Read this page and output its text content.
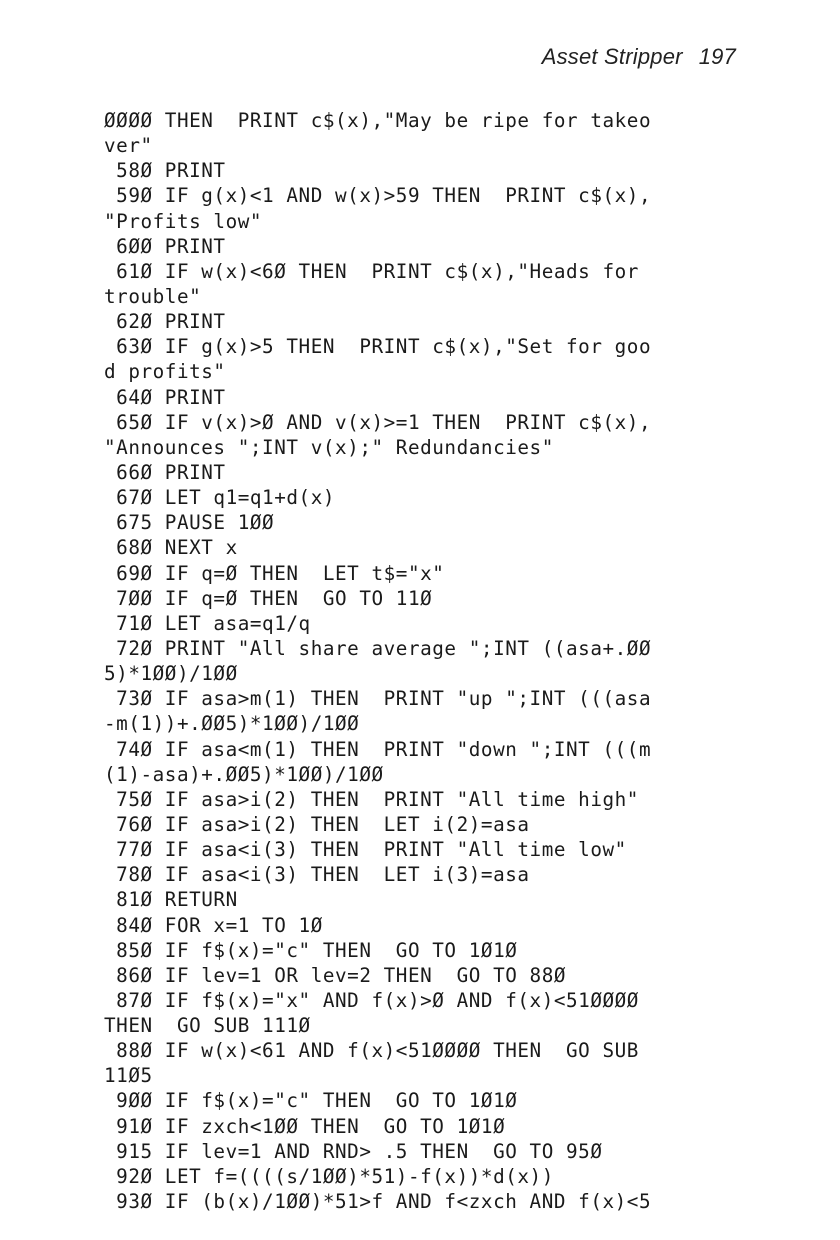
Asset Stripper 197
ØØØØ THEN  PRINT c$(x),"May be ripe for takeo
ver"
58Ø PRINT
59Ø IF g(x)<1 AND w(x)>59 THEN  PRINT c$(x),
"Profits low"
6ØØ PRINT
61Ø IF w(x)<6Ø THEN  PRINT c$(x),"Heads for
trouble"
62Ø PRINT
63Ø IF g(x)>5 THEN  PRINT c$(x),"Set for goo
d profits"
64Ø PRINT
65Ø IF v(x)>Ø AND v(x)>=1 THEN  PRINT c$(x),
"Announces ";INT v(x);" Redundancies"
66Ø PRINT
67Ø LET q1=q1+d(x)
675 PAUSE 1ØØ
68Ø NEXT x
69Ø IF q=Ø THEN  LET t$="x"
7ØØ IF q=Ø THEN  GO TO 11Ø
71Ø LET asa=q1/q
72Ø PRINT "All share average ";INT ((asa+.ØØ
5)*1ØØ)/1ØØ
73Ø IF asa>m(1) THEN  PRINT "up ";INT (((asa
-m(1))+.ØØ5)*1ØØ)/1ØØ
74Ø IF asa<m(1) THEN  PRINT "down ";INT (((m
(1)-asa)+.ØØ5)*1ØØ)/1ØØ
75Ø IF asa>i(2) THEN  PRINT "All time high"
76Ø IF asa>i(2) THEN  LET i(2)=asa
77Ø IF asa<i(3) THEN  PRINT "All time low"
78Ø IF asa<i(3) THEN  LET i(3)=asa
81Ø RETURN
84Ø FOR x=1 TO 1Ø
85Ø IF f$(x)="c" THEN  GO TO 1Ø1Ø
86Ø IF lev=1 OR lev=2 THEN  GO TO 88Ø
87Ø IF f$(x)="x" AND f(x)>Ø AND f(x)<51ØØØØ
THEN  GO SUB 111Ø
88Ø IF w(x)<61 AND f(x)<51ØØØØ THEN  GO SUB
11Ø5
9ØØ IF f$(x)="c" THEN  GO TO 1Ø1Ø
91Ø IF zxch<1ØØ THEN  GO TO 1Ø1Ø
915 IF lev=1 AND RND> .5 THEN  GO TO 95Ø
92Ø LET f=((((s/1ØØ)*51)-f(x))*d(x))
93Ø IF (b(x)/1ØØ)*51>f AND f<zxch AND f(x)<5
